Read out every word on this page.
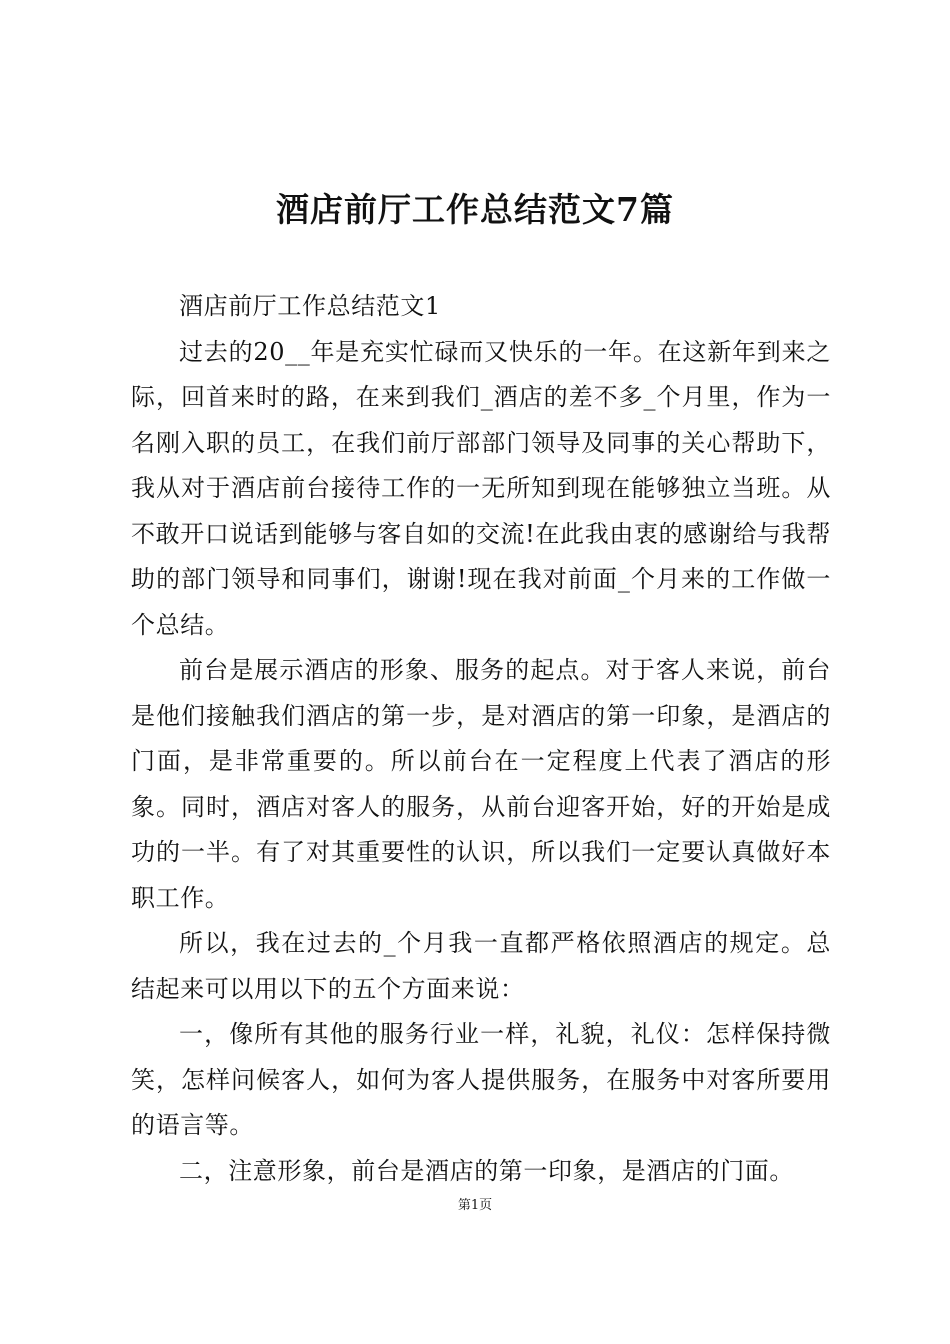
酒店前厅工作总结范文7篇

酒店前厅工作总结范文1

过去的20__年是充实忙碌而又快乐的一年。在这新年到来之际，回首来时的路，在来到我们_酒店的差不多_个月里，作为一名刚入职的员工，在我们前厅部部门领导及同事的关心帮助下，我从对于酒店前台接待工作的一无所知到现在能够独立当班。从不敢开口说话到能够与客自如的交流!在此我由衷的感谢给与我帮助的部门领导和同事们，谢谢!现在我对前面_个月来的工作做一个总结。

前台是展示酒店的形象、服务的起点。对于客人来说，前台是他们接触我们酒店的第一步，是对酒店的第一印象，是酒店的门面，是非常重要的。所以前台在一定程度上代表了酒店的形象。同时，酒店对客人的服务，从前台迎客开始，好的开始是成功的一半。有了对其重要性的认识，所以我们一定要认真做好本职工作。

所以，我在过去的_个月我一直都严格依照酒店的规定。总结起来可以用以下的五个方面来说：

一，像所有其他的服务行业一样，礼貌，礼仪：怎样保持微笑，怎样问候客人，如何为客人提供服务，在服务中对客所要用的语言等。

二，注意形象，前台是酒店的第一印象，是酒店的门面。

第1页
